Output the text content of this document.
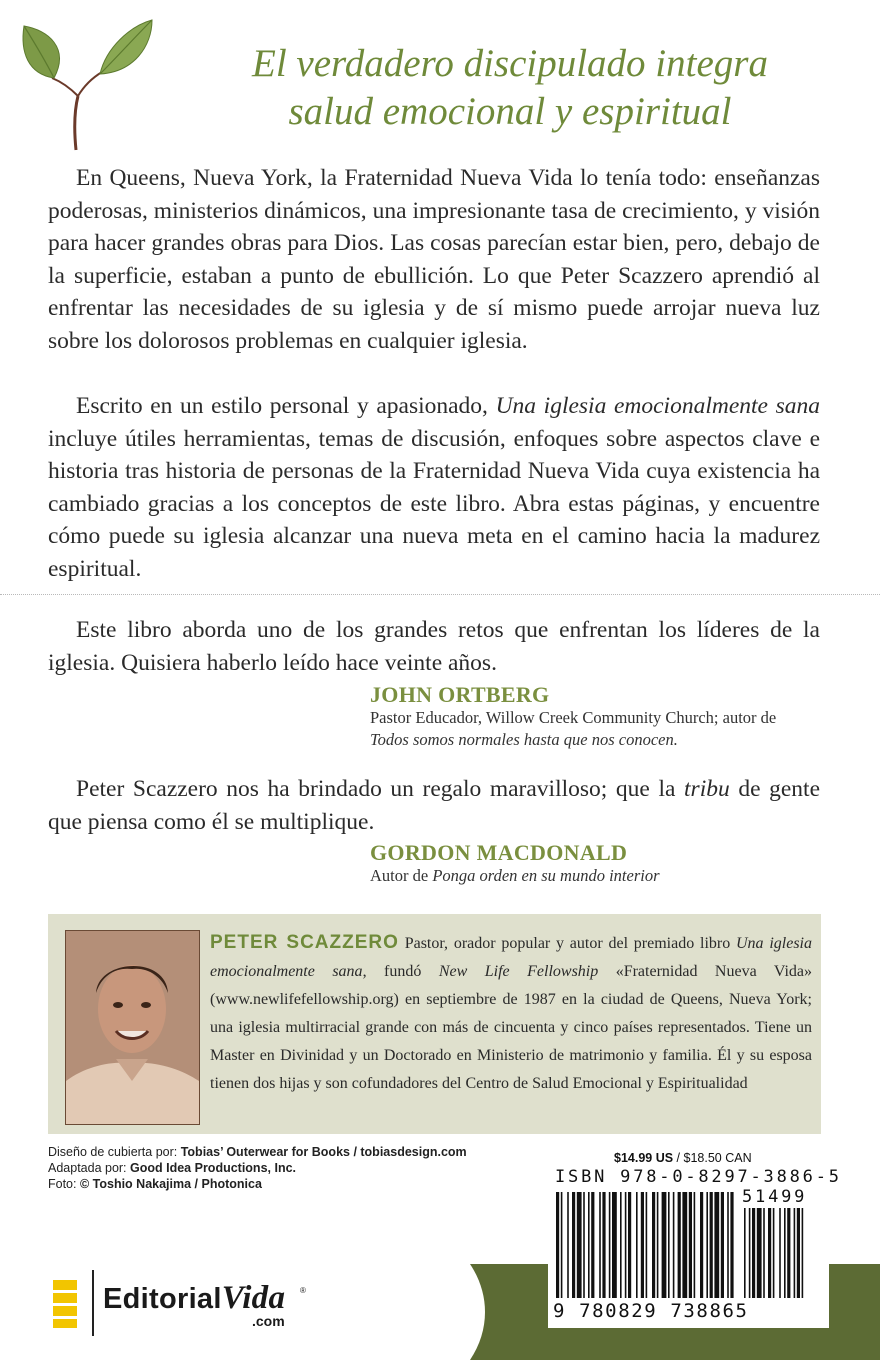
El verdadero discipulado integra
salud emocional y espiritual

En Queens, Nueva York, la Fraternidad Nueva Vida lo tenía todo: enseñanzas poderosas, ministerios dinámicos, una impresionante tasa de crecimiento, y visión para hacer grandes obras para Dios. Las cosas parecían estar bien, pero, debajo de la superficie, estaban a punto de ebullición. Lo que Peter Scazzero aprendió al enfrentar las necesidades de su iglesia y de sí mismo puede arrojar nueva luz sobre los dolorosos problemas en cualquier iglesia.

Escrito en un estilo personal y apasionado, Una iglesia emocionalmente sana incluye útiles herramientas, temas de discusión, enfoques sobre aspectos clave e historia tras historia de personas de la Fraternidad Nueva Vida cuya existencia ha cambiado gracias a los conceptos de este libro. Abra estas páginas, y encuentre cómo puede su iglesia alcanzar una nueva meta en el camino hacia la madurez espiritual.

Este libro aborda uno de los grandes retos que enfrentan los líderes de la iglesia. Quisiera haberlo leído hace veinte años.

JOHN ORTBERG
Pastor Educador, Willow Creek Community Church; autor de
Todos somos normales hasta que nos conocen.

Peter Scazzero nos ha brindado un regalo maravilloso; que la tribu de gente que piensa como él se multiplique.

GORDON MACDONALD
Autor de Ponga orden en su mundo interior
PETER SCAZZERO Pastor, orador popular y autor del premiado libro Una iglesia emocionalmente sana, fundó New Life Fellowship «Fraternidad Nueva Vida» (www.newlifefellowship.org) en septiembre de 1987 en la ciudad de Queens, Nueva York; una iglesia multirracial grande con más de cincuenta y cinco países representados. Tiene un Master en Divinidad y un Doctorado en Ministerio de matrimonio y familia. Él y su esposa tienen dos hijas y son cofundadores del Centro de Salud Emocional y Espiritualidad
Diseño de cubierta por: Tobias’ Outerwear for Books / tobiasdesign.com
Adaptada por: Good Idea Productions, Inc.
Foto: © Toshio Nakajima / Photonica
EditorialVida ®
.com
$14.99 US / $18.50 CAN
ISBN 978-0-8297-3886-5
51499
9 780829 738865
